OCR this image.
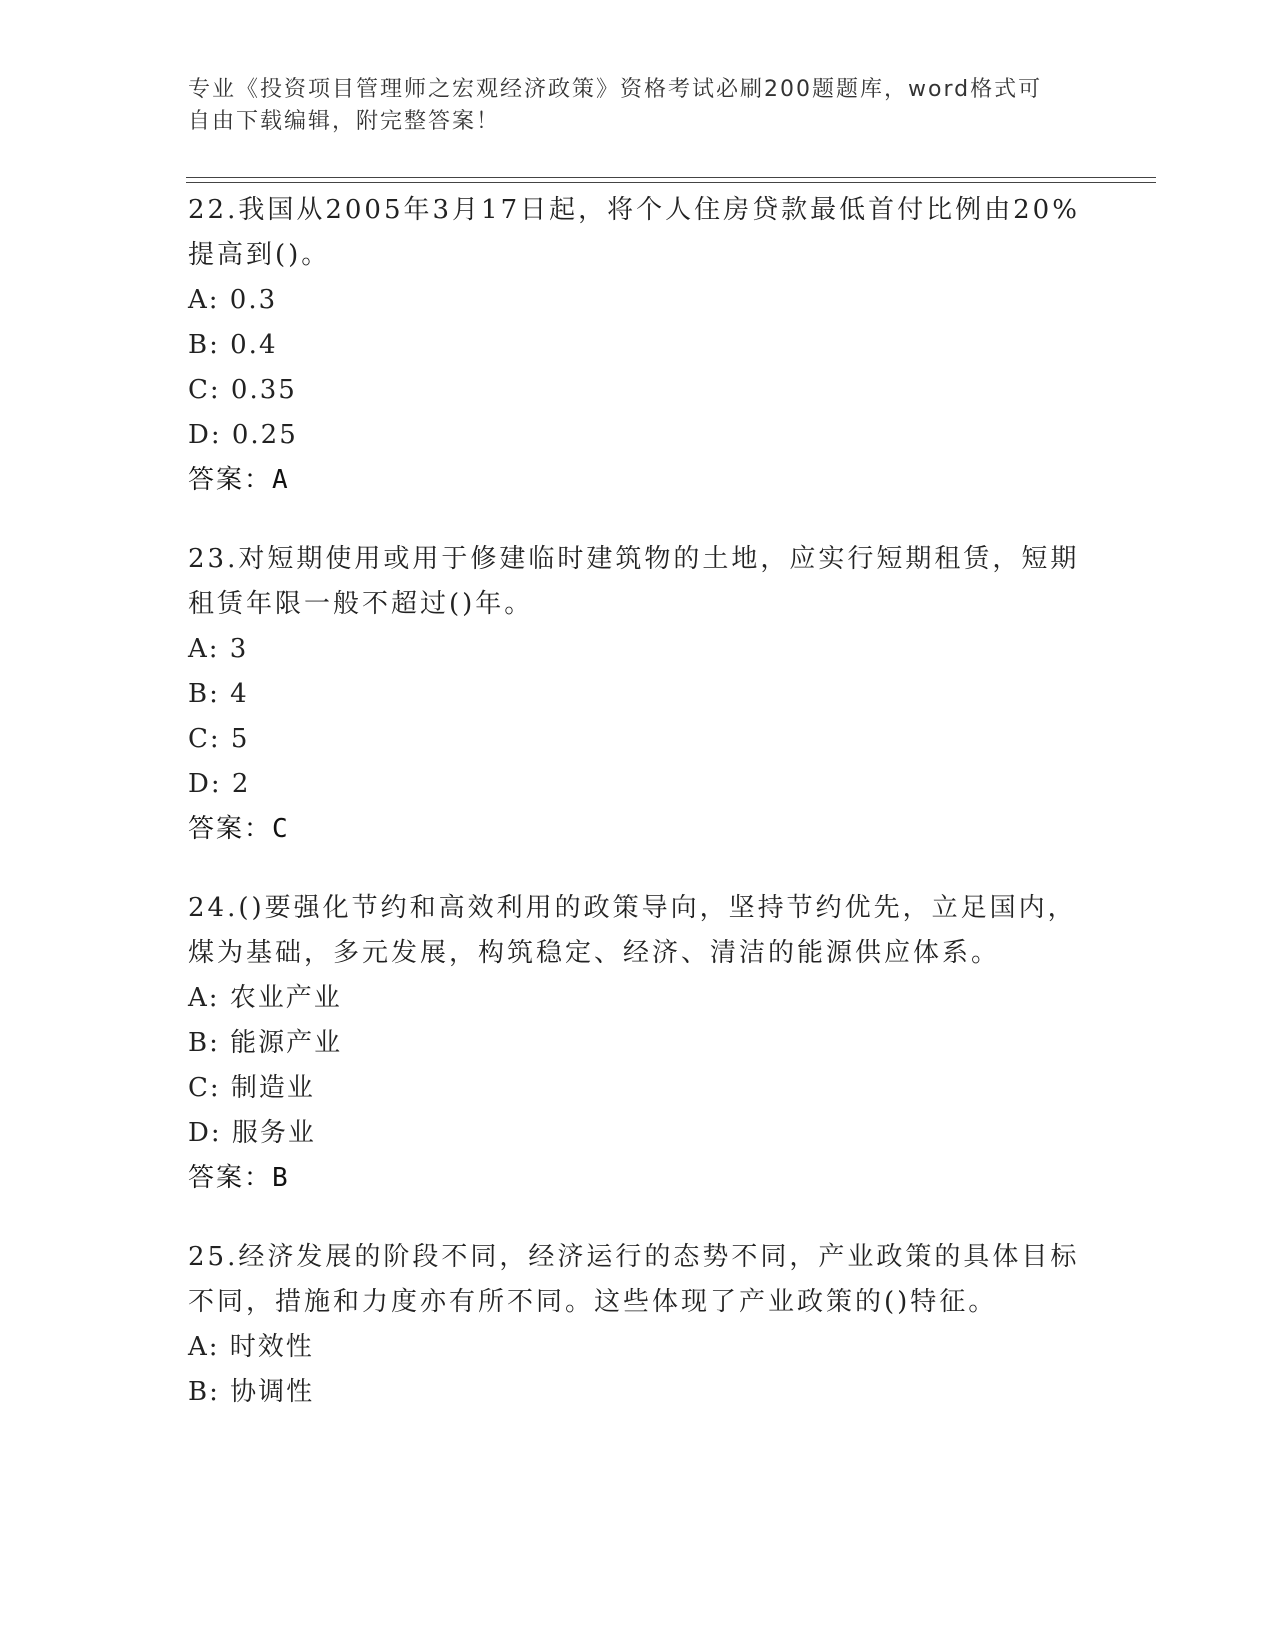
专业《投资项目管理师之宏观经济政策》资格考试必刷200题题库，word格式可
自由下载编辑，附完整答案！

22.我国从2005年3月17日起，将个人住房贷款最低首付比例由20%

提高到()。

A: 0.3

B: 0.4

C: 0.35

D: 0.25

答案：A

23.对短期使用或用于修建临时建筑物的土地，应实行短期租赁，短期

租赁年限一般不超过()年。

A: 3

B: 4

C: 5

D: 2

答案：C

24.()要强化节约和高效利用的政策导向，坚持节约优先，立足国内，

煤为基础，多元发展，构筑稳定、经济、清洁的能源供应体系。

A: 农业产业

B: 能源产业

C: 制造业

D: 服务业

答案：B

25.经济发展的阶段不同，经济运行的态势不同，产业政策的具体目标

不同，措施和力度亦有所不同。这些体现了产业政策的()特征。

A: 时效性

B: 协调性
